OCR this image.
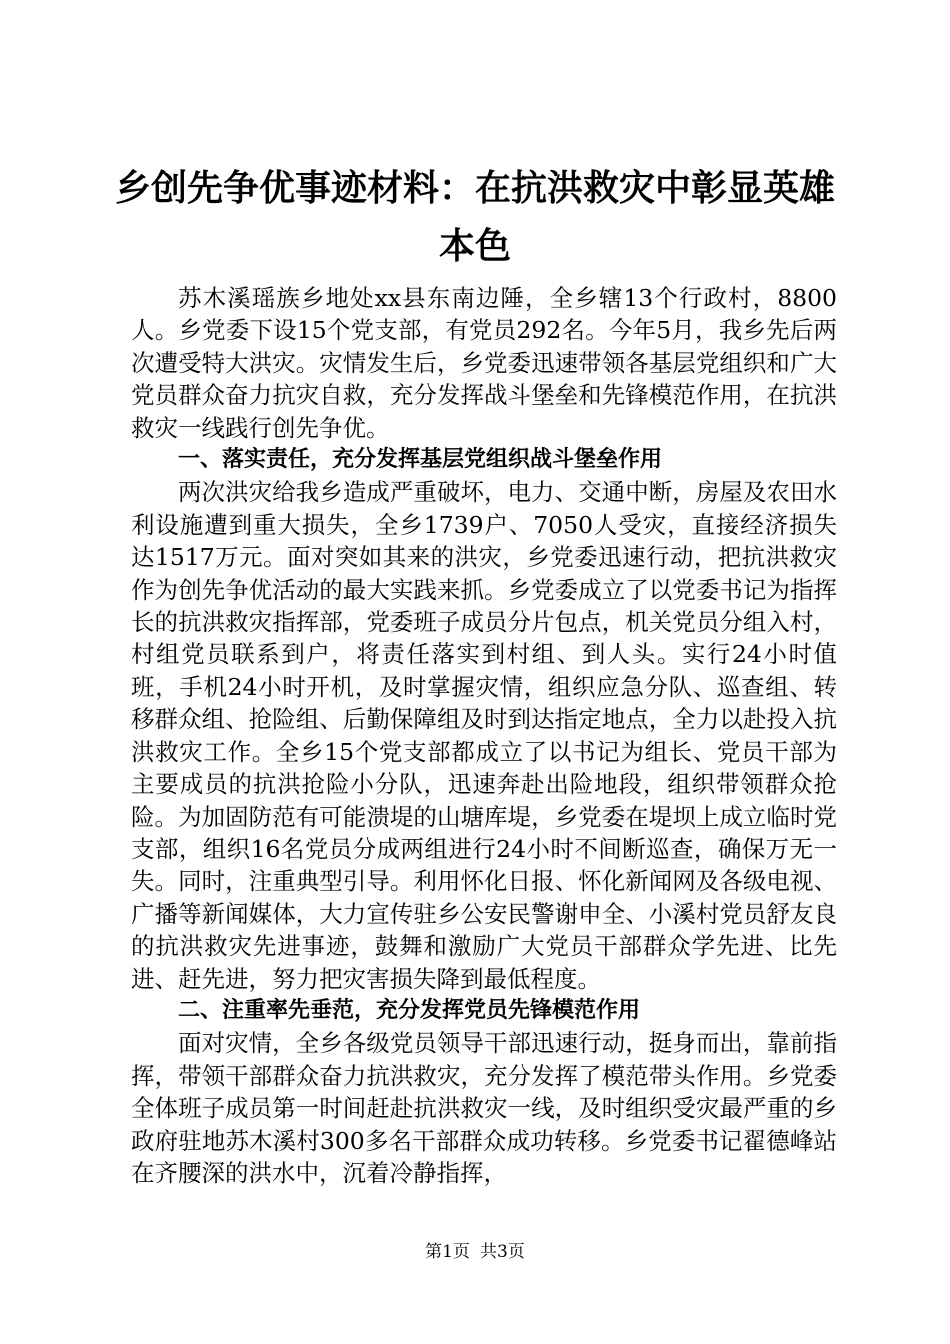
乡创先争优事迹材料：在抗洪救灾中彰显英雄
本色

苏木溪瑶族乡地处xx县东南边陲，全乡辖13个行政村，8800人。乡党委下设15个党支部，有党员292名。今年5月，我乡先后两次遭受特大洪灾。灾情发生后，乡党委迅速带领各基层党组织和广大党员群众奋力抗灾自救，充分发挥战斗堡垒和先锋模范作用，在抗洪救灾一线践行创先争优。

一、落实责任，充分发挥基层党组织战斗堡垒作用

两次洪灾给我乡造成严重破坏，电力、交通中断，房屋及农田水利设施遭到重大损失，全乡1739户、7050人受灾，直接经济损失达1517万元。面对突如其来的洪灾，乡党委迅速行动，把抗洪救灾作为创先争优活动的最大实践来抓。乡党委成立了以党委书记为指挥长的抗洪救灾指挥部，党委班子成员分片包点，机关党员分组入村，村组党员联系到户，将责任落实到村组、到人头。实行24小时值班，手机24小时开机，及时掌握灾情，组织应急分队、巡查组、转移群众组、抢险组、后勤保障组及时到达指定地点，全力以赴投入抗洪救灾工作。全乡15个党支部都成立了以书记为组长、党员干部为主要成员的抗洪抢险小分队，迅速奔赴出险地段，组织带领群众抢险。为加固防范有可能溃堤的山塘库堤，乡党委在堤坝上成立临时党支部，组织16名党员分成两组进行24小时不间断巡查，确保万无一失。同时，注重典型引导。利用怀化日报、怀化新闻网及各级电视、广播等新闻媒体，大力宣传驻乡公安民警谢申全、小溪村党员舒友良的抗洪救灾先进事迹，鼓舞和激励广大党员干部群众学先进、比先进、赶先进，努力把灾害损失降到最低程度。

二、注重率先垂范，充分发挥党员先锋模范作用

面对灾情，全乡各级党员领导干部迅速行动，挺身而出，靠前指挥，带领干部群众奋力抗洪救灾，充分发挥了模范带头作用。乡党委全体班子成员第一时间赶赴抗洪救灾一线，及时组织受灾最严重的乡政府驻地苏木溪村300多名干部群众成功转移。乡党委书记翟德峰站在齐腰深的洪水中，沉着冷静指挥，

第1页 共3页
